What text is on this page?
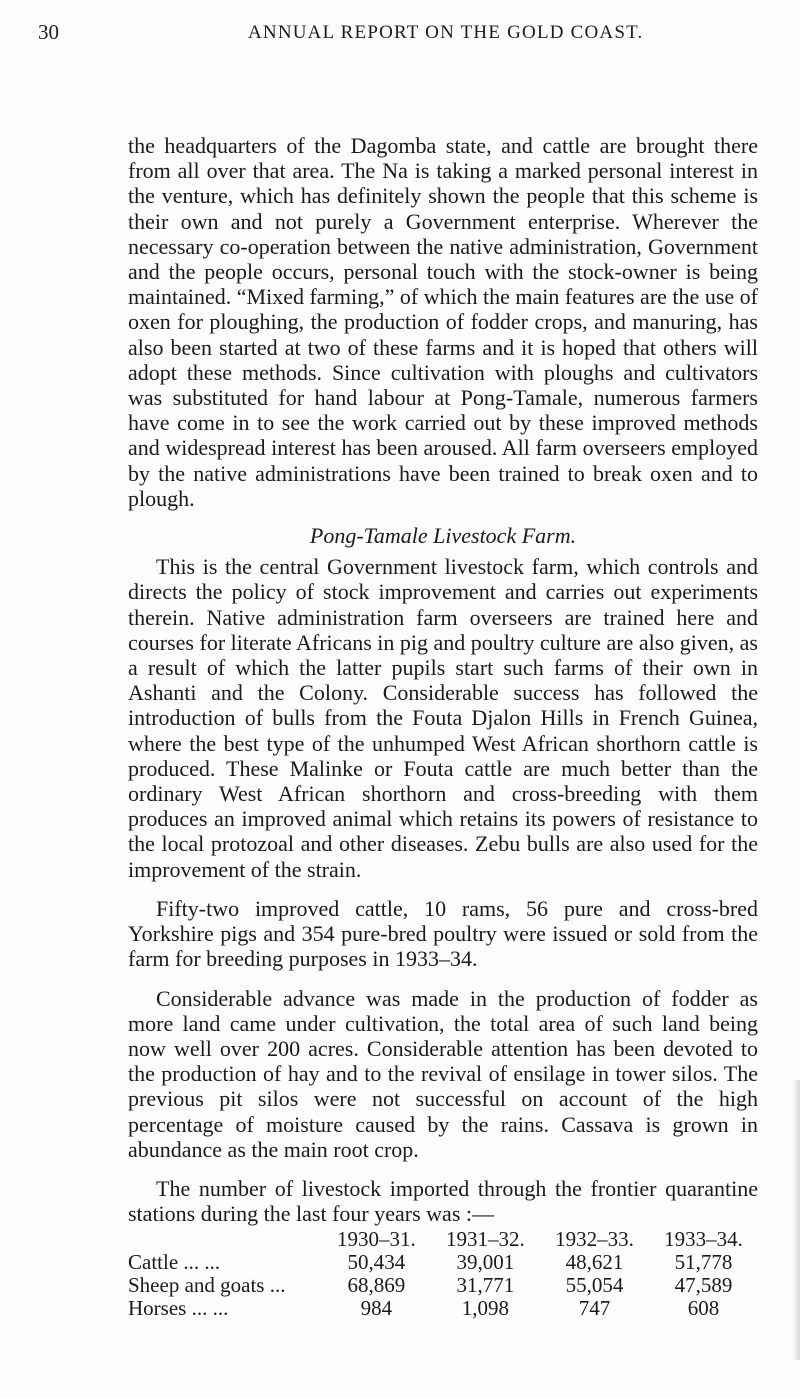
30	ANNUAL REPORT ON THE GOLD COAST.

the headquarters of the Dagomba state, and cattle are brought there from all over that area. The Na is taking a marked personal interest in the venture, which has definitely shown the people that this scheme is their own and not purely a Government enterprise. Wherever the necessary co-operation between the native administration, Government and the people occurs, personal touch with the stock-owner is being maintained. “Mixed farming,” of which the main features are the use of oxen for ploughing, the production of fodder crops, and manuring, has also been started at two of these farms and it is hoped that others will adopt these methods. Since cultivation with ploughs and cultivators was substituted for hand labour at Pong-Tamale, numerous farmers have come in to see the work carried out by these improved methods and widespread interest has been aroused. All farm overseers employed by the native administrations have been trained to break oxen and to plough.

Pong-Tamale Livestock Farm.

This is the central Government livestock farm, which controls and directs the policy of stock improvement and carries out experiments therein. Native administration farm overseers are trained here and courses for literate Africans in pig and poultry culture are also given, as a result of which the latter pupils start such farms of their own in Ashanti and the Colony. Considerable success has followed the introduction of bulls from the Fouta Djalon Hills in French Guinea, where the best type of the unhumped West African shorthorn cattle is produced. These Malinke or Fouta cattle are much better than the ordinary West African shorthorn and cross-breeding with them produces an improved animal which retains its powers of resistance to the local protozoal and other diseases. Zebu bulls are also used for the improvement of the strain.

Fifty-two improved cattle, 10 rams, 56 pure and cross-bred Yorkshire pigs and 354 pure-bred poultry were issued or sold from the farm for breeding purposes in 1933–34.

Considerable advance was made in the production of fodder as more land came under cultivation, the total area of such land being now well over 200 acres. Considerable attention has been devoted to the production of hay and to the revival of ensilage in tower silos. The previous pit silos were not successful on account of the high percentage of moisture caused by the rains. Cassava is grown in abundance as the main root crop.

The number of livestock imported through the frontier quarantine stations during the last four years was :—

	1930–31.	1931–32.	1932–33.	1933–34.
Cattle ... ...	50,434	39,001	48,621	51,778
Sheep and goats ...	68,869	31,771	55,054	47,589
Horses ... ...	984	1,098	747	608
